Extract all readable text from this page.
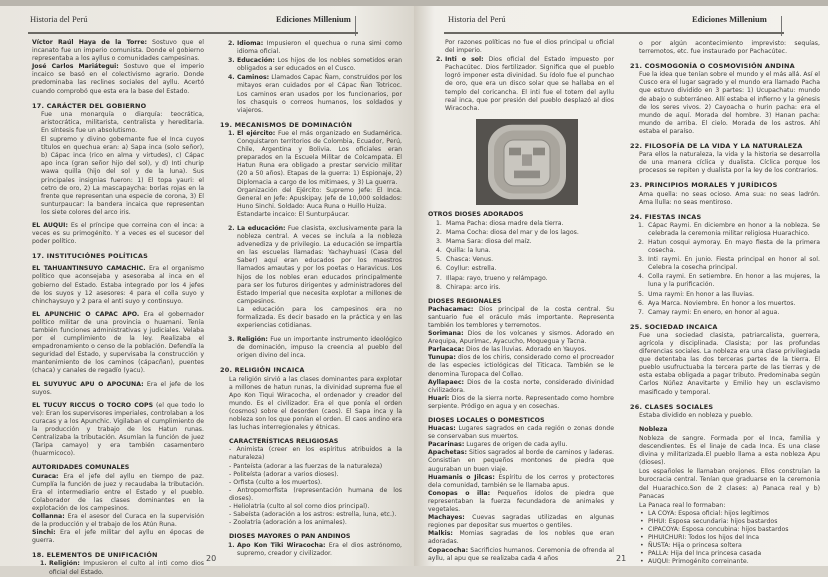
Historia del Perú	Ediciones Millenium
Víctor Raúl Haya de la Torre: Sostuvo que el incanato fue un imperio comunista. Donde el gobierno representaba a los ayllus o comunidades campesinas.
José Carlos Mariátegui: Sostuvo que el imperio incaico se basó en el colectivismo agrario. Donde predominaba las reclines sociales del ayllu. Acertó cuando comprobó que esta era la base del Estado.
17. CARÁCTER DEL GOBIERNO
Fue una monarquía o diarquía: teocrática, aristocrática, militarista, centralista y hereditaria. En síntesis fue un absolutismo.
El supremo y divino gobernante fue el Inca cuyos títulos en quechua eran: a) Sapa inca (solo señor), b) Cápac inca (rico en alma y virtudes), c) Cápac apo inca (gran señor hijo del sol), y d) Inti churip wawa quilla (hijo del sol y de la luna). Sus principales insignias fueron: 1) El topa yauri: el cetro de oro, 2) La mascapaycha: borlas rojas en la frente que representan una especie de corona, 3) El sunturpaucar: la bandera incaica que representan los siete colores del arco iris.
EL AUQUI: Es el príncipe que correina con el inca: a veces es su primogénito. Y a veces es el sucesor del poder político.
17. INSTITUCIÓNES POLÍTICAS
EL TAHUANTINSUYO CAMACHIC. Era el organismo político que aconsejaba y asesoraba al inca en el gobierno del Estado. Estaba integrado por los 4 jefes de los suyos y 12 asesores: 4 para el colla suyo y chinchaysuyo y 2 para el anti suyo y continsuyo.
EL APUNCHIC O CAPAC APO. Era el gobernador político militar de una provincia o huamani. Tenía también funciones administrativas y judiciales. Velaba por el cumplimiento de la ley. Realizaba el empadronamiento o censo de la población. Defendía la seguridad del Estado, y supervisaba la construcción y mantenimiento de los caminos (cápacñan), puentes (chaca) y canales de regadío (yacu).
EL SUYUYUC APU O APOCUNA: Era el jefe de los suyos.
EL TUCUY RICCUS O TOCRO COPS (el que todo lo ve): Eran los supervisores imperiales, controlaban a los curacas y a los Apunchic. Vigilaban el cumplimiento de la producción y trabajo de los Hatun runas. Centralizaba la tributación. Asumían la función de juez (Taripa camayo) y era también casamentero (huarmicoco).
AUTORIDADES COMUNALES
Curaca: Era el jefe del ayllu en tiempo de paz. Cumplía la función de juez y recaudaba la tributación. Era el intermediario entre el Estado y el pueblo. Colaborador de las clases dominantes en la explotación de los campesinos.
Collanna: Era el asesor del Curaca en la supervisión de la producción y el trabajo de los Atún Runa.
Sinchi: Era el jefe militar del ayllu en épocas de guerra.
18. ELEMENTOS DE UNIFICACIÓN
1. Religión: Impusieron el culto al inti como dios oficial del Estado.
2. Idioma: Impusieron el quechua o runa simi como idioma oficial.
3. Educación: Los hijos de los nobles sometidos eran obligados a ser educados en el Cusco.
4. Caminos: Llamados Capac Ñam, construidos por los mitayos eran cuidados por el Cápac Ñan Totricoc. Los caminos eran usados por los funcionarios, por los chasquis o correos humanos, los soldados y viajeros.
19. MECANISMOS DE DOMINACIÓN
1. El ejército: Fue el más organizado en Sudamérica. Conquistaron territorios de Colombia, Ecuador, Perú, Chile, Argentina y Bolivia. Los oficiales eran preparados en la Escuela Militar de Colcampata. El Hatun Runa era obligado a prestar servicio militar (20 a 50 años). Etapas de la guerra: 1) Espionaje, 2) Diplomacia a cargo de los mitimaes, y 3) La guerra.
Organización del Ejército: Supremo Jefe: El Inca. General en Jefe: Apuskipay. Jefe de 10,000 soldados: Huno Sinchi. Soldado: Auca Runa o Huillo Huiza.
Estandarte incaico: El Sunturpáucar.
2. La educación: Fue clasista, exclusivamente para la nobleza central. A veces se incluía a la nobleza advenediza y de privilegio. La educación se impartía en las escuelas llamadas: Yachayhuasi (Casa del Saber) aquí eran educados por los maestros llamados amautas y por los poetas o Haravicus. Los hijos de los nobles eran educados principalmente para ser los futuros dirigentes y administradores del Estado Imperial que necesita explotar a millones de campesinos.
La educación para los campesinos era no formalizada. Es decir basado en la práctica y en las experiencias cotidianas.
3. Religión: Fue un importante instrumento ideológico de dominación, impuso la creencia al pueblo del origen divino del inca.
20. RELIGIÓN INCAICA
La religión sirvió a las clases dominantes para explotar a millones de hatun runas, la divinidad suprema fue el Apo Kon Tiqui Wiracocha, el ordenador y creador del mundo. Es el civilizador. Era el que ponía el orden (cosmos) sobre el desorden (caos). El Sapa inca y la nobleza son los que ponían el orden. El caos andino era las luchas interregionales y étnicas.
CARACTERÍSTICAS RELIGIOSAS
- Animista (creer en los espíritus atribuidos a la naturaleza)
- Panteísta (adorar a las fuerzas de la naturaleza)
- Politeísta (adorar a varios dioses).
- Orfista (culto a los muertos).
- Antropomorfista (representación humana de los dioses).
- Heliolatría (culto al sol como dios principal).
- Sabeísta (adoración a los astros: estrella, luna, etc.).
- Zoolatría (adoración a los animales).
DIOSES MAYORES O PAN ANDINOS
1. Apo Kon Tiki Wiracocha: Era el dios astrónomo, supremo, creador y civilizador.
20
Historia del Perú	Ediciones Millenium
Por razones políticas no fue el dios principal u oficial del imperio.
2. Inti o sol: Dios oficial del Estado impuesto por Pachacútec. Dios fertilizador. Significa que el pueblo logró imponer esta divinidad. Su ídolo fue el punchao de oro, que era un disco solar que se hallaba en el templo del coricancha. El inti fue el totem del ayllu real inca, que por presión del pueblo desplazó al dios Wiracocha.
OTROS DIOSES ADORADOS
1. Mama Pacha: diosa madre dela tierra.
2. Mama Cocha: diosa del mar y de los lagos.
3. Mama Sara: diosa del maíz.
4. Quilla: la luna.
5. Chasca: Venus.
6. Coyllur: estrella.
7. Illapa: rayo, trueno y relámpago.
8. Chirapa: arco iris.
DIOSES REGIONALES
Pachacamac: Dios principal de la costa central. Su santuario fue el oráculo más importante. Representa también los temblores y terremotos.
Sorimana: Dios de los volcanes y sismos. Adorado en Arequipa, Apurímac, Ayacucho, Moquegua y Tacna.
Parlacaca: Dios de las lluvias. Adorado en Yauyos.
Tunupa: dios de los chiris, considerado como el procreador de las especies ictiológicas del Titicaca. También se le denomina Turopaca del Collao.
Ayllapaec: Dios de la costa norte, considerado divinidad civilizadora.
Huari: Dios de la sierra norte. Representado como hombre serpiente. Pródigo en agua y en cosechas.
DIOSES LOCALES O DOMESTICOS
Huacas: Lugares sagrados en cada región o zonas donde se conservaban sus muertos.
Pacarinas: Lugares de origen de cada ayllu.
Apachetas: Sitios sagrados al borde de caminos y laderas. Consistían en pequeños montones de piedra que auguraban un buen viaje.
Huamanis o Jilcas: Espíritu de los cerros y protectores dela comunidad, también se le llamaba apus.
Conopas o illa: Pequeños ídolos de piedra que representaban la fuerza fecundadora de animales y vegetales.
Machayes: Cuevas sagradas utilizadas en algunas regiones par depositar sus muertos o gentiles.
Malkis: Momias sagradas de los nobles que eran adoradas.
Copacocha: Sacrificios humanos. Ceremonia de ofrenda al ayllu, al apu que se realizaba cada 4 años
o por algún acontecimiento imprevisto: sequías, terremotos, etc. fue instaurado por Pachacútec.
21. COSMOGONÍA O COSMOVISIÓN ANDINA
Fue la idea que tenían sobre el mundo y el más allá. Así el Cusco era el lugar sagrado y el mundo era llamado Pacha que estuvo dividido en 3 partes: 1) Ucupachatu: mundo de abajo o subterráneo. Allí estaba el infierno y la génesis de los seres vivos. 2) Cayoacha o hurin pacha: era el mundo de aquí. Morada del hombre. 3) Hanan pacha: mundo de arriba. El cielo. Morada de los astros. Ahí estaba el paraíso.
22. FILOSOFÍA DE LA VIDA Y LA NATURALEZA
Para ellos la naturaleza, la vida y la historia se desarrolla de una manera cíclica y dualista. Cíclica porque los procesos se repiten y dualista por la ley de los contrarios.
23. PRINCIPIOS MORALES Y JURÍDICOS
Ama quella: no seas ocioso. Ama sua: no seas ladrón. Ama llulla: no seas mentiroso.
24. FIESTAS INCAS
1. Cápac Raymi. En diciembre en honor a la nobleza. Se celebrada la ceremonia militar religiosa Huarachico.
2. Hatun cosqui aymoray. En mayo fiesta de la primera cosecha.
3. Inti raymi. En junio. Fiesta principal en honor al sol. Celebra la cosecha principal.
4. Colla raymi. En setiembre. En honor a las mujeres, la luna y la purificación.
5. Uma raymi: En honor a las lluvias.
6. Aya Marca. Noviembre. En honor a los muertos.
7. Camay raymi: En enero, en honor al agua.
25. SOCIEDAD INCAICA
Fue una sociedad clasista, patriarcalista, guerrera, agrícola y disciplinada. Clasista; por las profundas diferencias sociales. La nobleza era una clase privilegiada que detentaba las dos terceras partes de la tierra. El pueblo usufructuaba la tercera parte de las tierras y de esta estaba obligada a pagar tributo. Predominaba según Carlos Núñez Anavitarte y Emilio hey un esclavismo masificado y temporal.
26. CLASES SOCIALES
Estaba dividido en nobleza y pueblo.
Nobleza
Nobleza de sangre. Formada por el Inca, familia y descendientes. Es el linaje de cada Inca. Es una clase divina y militarizada.El pueblo llama a esta nobleza Apu (dioses).
Los españoles le llamaban orejones. Ellos construían la burocracia central. Tenían que graduarse en la ceremonia del Huarachico.Son de 2 clases: a) Panaca real y b) Panacas
La Panaca real lo formaban:
• LA COYA: Esposa oficial: hijos legítimos
• PIHUI: Esposa secundaria: hijos bastardos
• CIPACOYA: Esposa concubina: hijos bastardos
• PIHUICHURI: Todos los hijos del Inca
• ÑUSTA: Hija o princesa soltera
• PALLA: Hija del Inca princesa casada
• AUQUI: Primogénito correinante.
21
